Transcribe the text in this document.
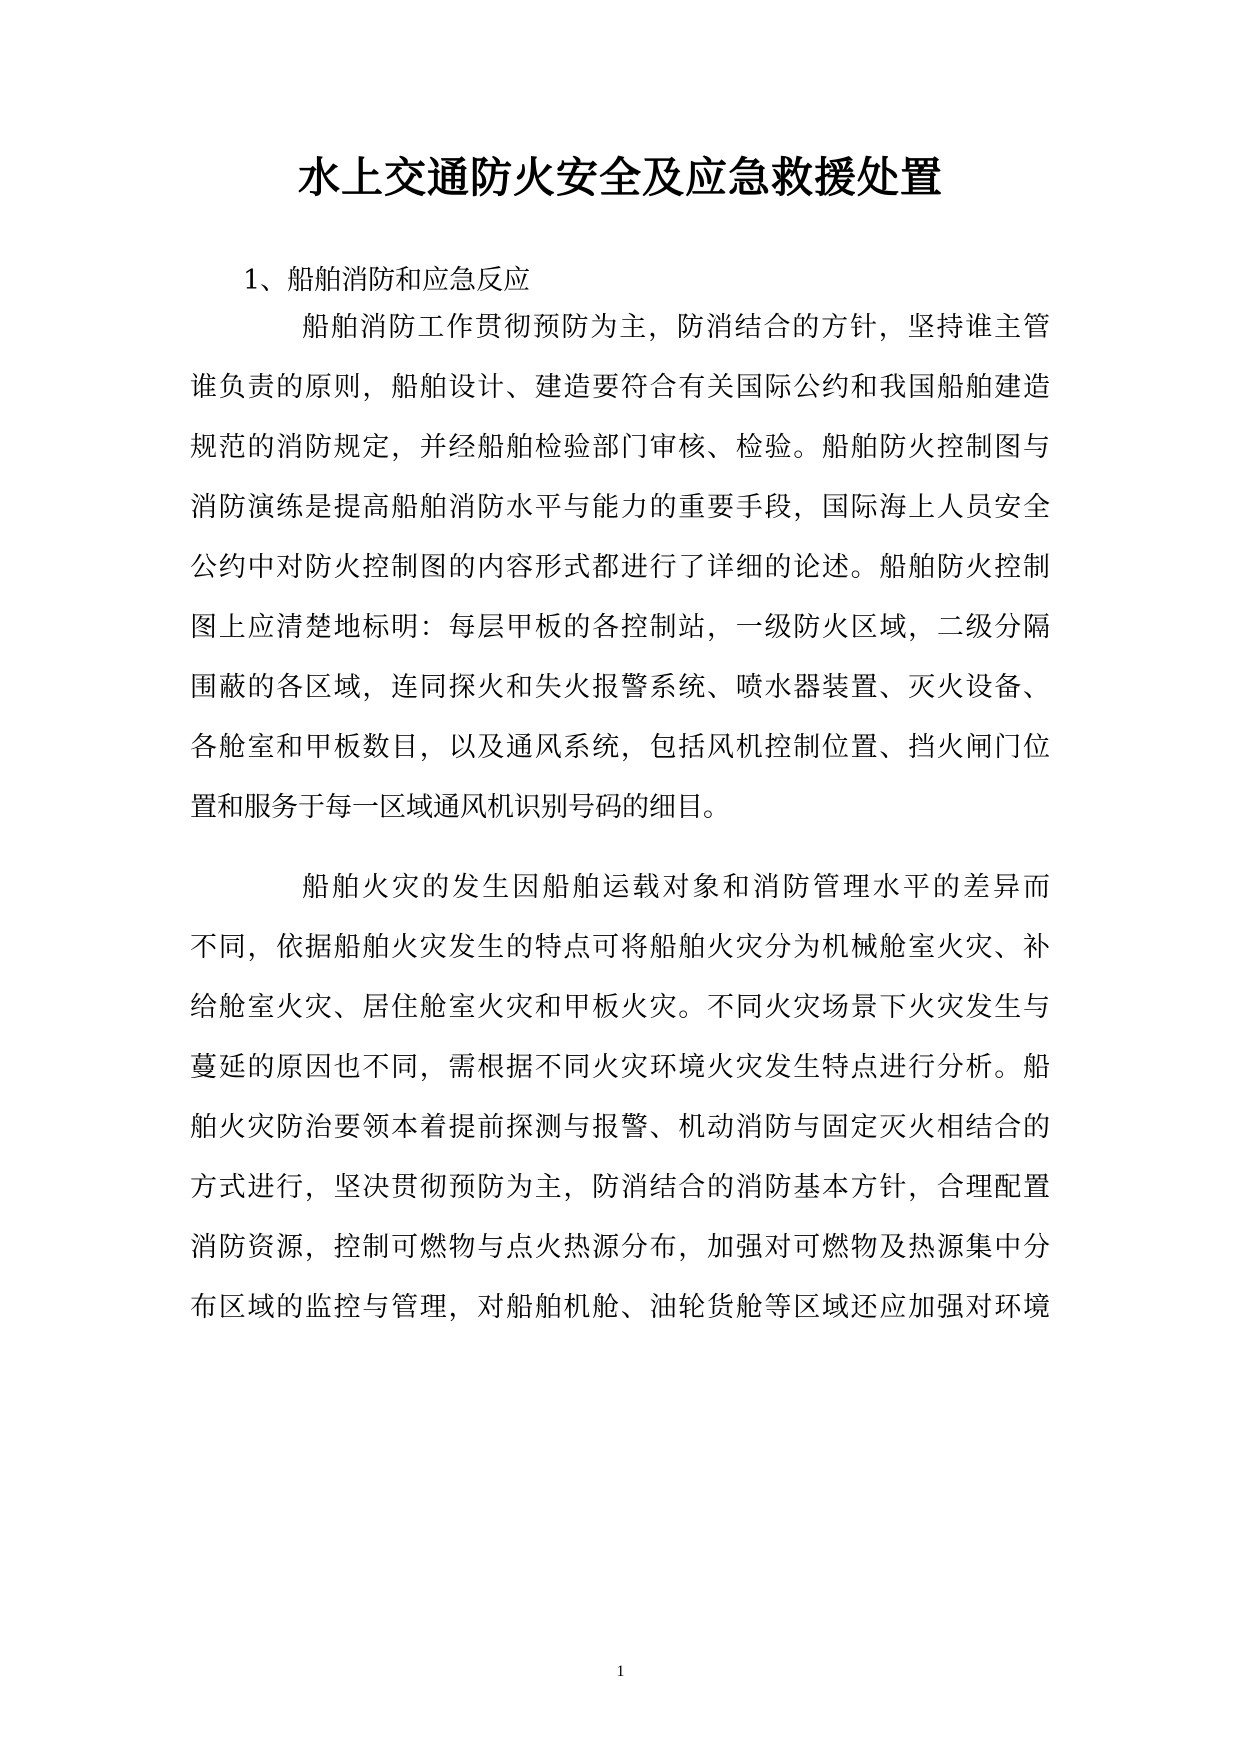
水上交通防火安全及应急救援处置
1、船舶消防和应急反应
船舶消防工作贯彻预防为主，防消结合的方针，坚持谁主管
谁负责的原则，船舶设计、建造要符合有关国际公约和我国船舶建造
规范的消防规定，并经船舶检验部门审核、检验。船舶防火控制图与
消防演练是提高船舶消防水平与能力的重要手段，国际海上人员安全
公约中对防火控制图的内容形式都进行了详细的论述。船舶防火控制
图上应清楚地标明：每层甲板的各控制站，一级防火区域，二级分隔
围蔽的各区域，连同探火和失火报警系统、喷水器装置、灭火设备、
各舱室和甲板数目，以及通风系统，包括风机控制位置、挡火闸门位
置和服务于每一区域通风机识别号码的细目。
船舶火灾的发生因船舶运载对象和消防管理水平的差异而
不同，依据船舶火灾发生的特点可将船舶火灾分为机械舱室火灾、补
给舱室火灾、居住舱室火灾和甲板火灾。不同火灾场景下火灾发生与
蔓延的原因也不同，需根据不同火灾环境火灾发生特点进行分析。船
舶火灾防治要领本着提前探测与报警、机动消防与固定灭火相结合的
方式进行，坚决贯彻预防为主，防消结合的消防基本方针，合理配置
消防资源，控制可燃物与点火热源分布，加强对可燃物及热源集中分
布区域的监控与管理，对船舶机舱、油轮货舱等区域还应加强对环境
1
